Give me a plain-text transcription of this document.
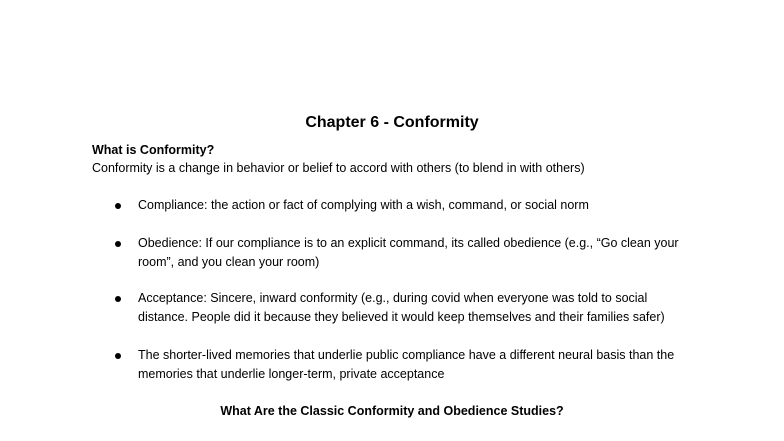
Chapter 6 - Conformity
What is Conformity?
Conformity is a change in behavior or belief to accord with others (to blend in with others)
Compliance: the action or fact of complying with a wish, command, or social norm
Obedience: If our compliance is to an explicit command, its called obedience (e.g., “Go clean your room”, and you clean your room)
Acceptance: Sincere, inward conformity (e.g., during covid when everyone was told to social distance. People did it because they believed it would keep themselves and their families safer)
The shorter-lived memories that underlie public compliance have a different neural basis than the memories that underlie longer-term, private acceptance
What Are the Classic Conformity and Obedience Studies?
